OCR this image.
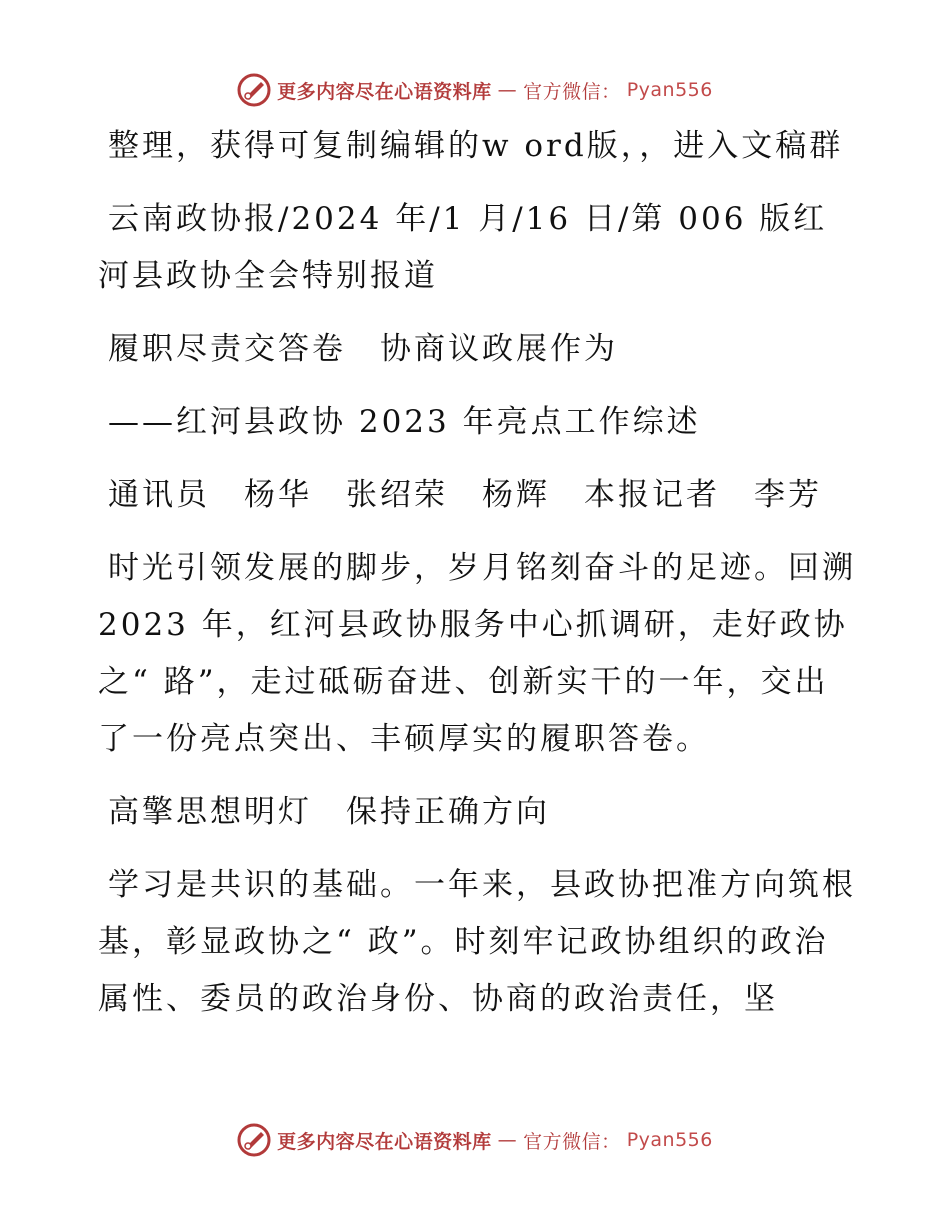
更多内容尽在心语资料库 — 官方微信： Pyan556

整理，获得可复制编辑的w ord版，，进入文稿群

云南政协报/2024 年/1 月/16 日/第 006 版红河县政协全会特别报道

履职尽责交答卷　协商议政展作为

——红河县政协 2023 年亮点工作综述

通讯员　杨华　张绍荣　杨辉　本报记者　李芳

时光引领发展的脚步，岁月铭刻奋斗的足迹。回溯 2023 年，红河县政协服务中心抓调研，走好政协之“ 路”，走过砥砺奋进、创新实干的一年，交出了一份亮点突出、丰硕厚实的履职答卷。

高擎思想明灯　保持正确方向

学习是共识的基础。一年来，县政协把准方向筑根基，彰显政协之“ 政”。时刻牢记政协组织的政治属性、委员的政治身份、协商的政治责任，坚

更多内容尽在心语资料库 — 官方微信： Pyan556
